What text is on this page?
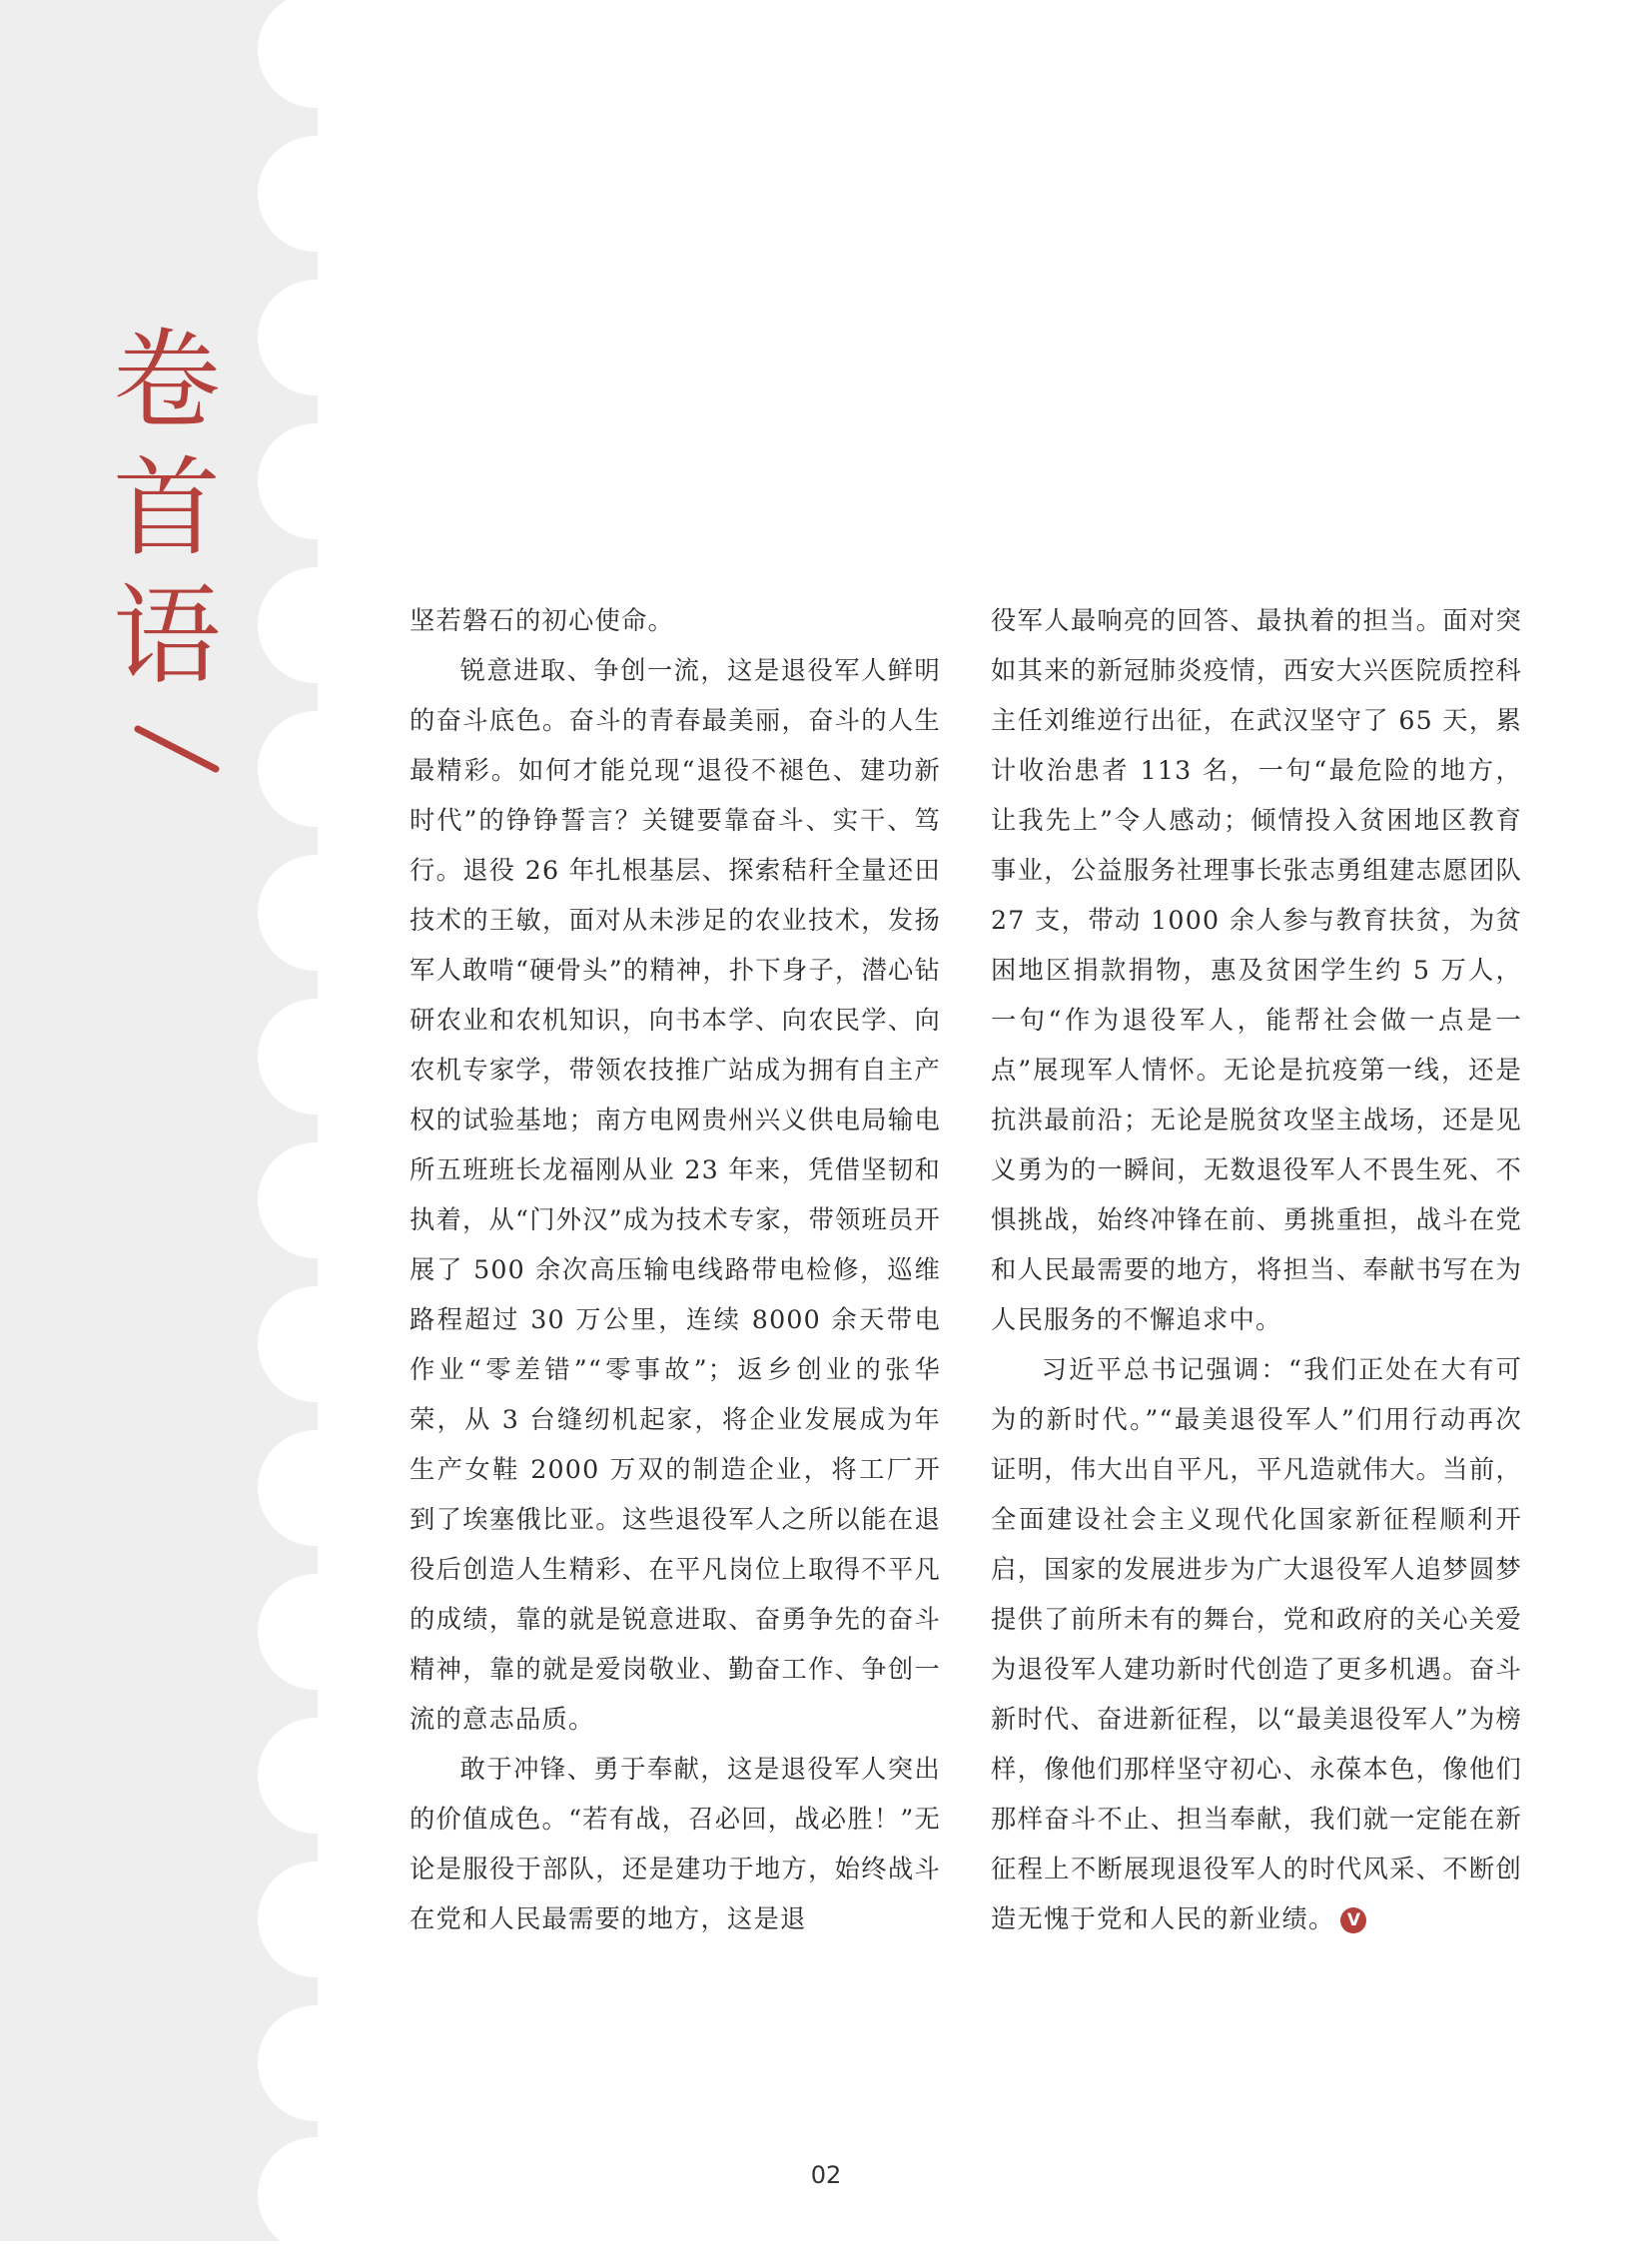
卷
首
语	坚若磐石的初心使命。

锐意进取、争创一流，这是退役军人鲜明的奋斗底色。奋斗的青春最美丽，奋斗的人生最精彩。如何才能兑现“退役不褪色、建功新时代”的铮铮誓言？关键要靠奋斗、实干、笃行。退役 26 年扎根基层、探索秸秆全量还田技术的王敏，面对从未涉足的农业技术，发扬军人敢啃“硬骨头”的精神，扑下身子，潜心钻研农业和农机知识，向书本学、向农民学、向农机专家学，带领农技推广站成为拥有自主产权的试验基地；南方电网贵州兴义供电局输电所五班班长龙福刚从业 23 年来，凭借坚韧和执着，从“门外汉”成为技术专家，带领班员开展了 500 余次高压输电线路带电检修，巡维路程超过 30 万公里，连续 8000 余天带电作业“零差错”“零事故”；返乡创业的张华荣，从 3 台缝纫机起家，将企业发展成为年生产女鞋 2000 万双的制造企业，将工厂开到了埃塞俄比亚。这些退役军人之所以能在退役后创造人生精彩、在平凡岗位上取得不平凡的成绩，靠的就是锐意进取、奋勇争先的奋斗精神，靠的就是爱岗敬业、勤奋工作、争创一流的意志品质。

敢于冲锋、勇于奉献，这是退役军人突出的价值成色。“若有战，召必回，战必胜！”无论是服役于部队，还是建功于地方，始终战斗在党和人民最需要的地方，这是退

役军人最响亮的回答、最执着的担当。面对突如其来的新冠肺炎疫情，西安大兴医院质控科主任刘维逆行出征，在武汉坚守了 65 天，累计收治患者 113 名，一句“最危险的地方，让我先上”令人感动；倾情投入贫困地区教育事业，公益服务社理事长张志勇组建志愿团队 27 支，带动 1000 余人参与教育扶贫，为贫困地区捐款捐物，惠及贫困学生约 5 万人，一句“作为退役军人，能帮社会做一点是一点”展现军人情怀。无论是抗疫第一线，还是抗洪最前沿；无论是脱贫攻坚主战场，还是见义勇为的一瞬间，无数退役军人不畏生死、不惧挑战，始终冲锋在前、勇挑重担，战斗在党和人民最需要的地方，将担当、奉献书写在为人民服务的不懈追求中。

习近平总书记强调：“我们正处在大有可为的新时代。”“最美退役军人”们用行动再次证明，伟大出自平凡，平凡造就伟大。当前，全面建设社会主义现代化国家新征程顺利开启，国家的发展进步为广大退役军人追梦圆梦提供了前所未有的舞台，党和政府的关心关爱为退役军人建功新时代创造了更多机遇。奋斗新时代、奋进新征程，以“最美退役军人”为榜样，像他们那样坚守初心、永葆本色，像他们那样奋斗不止、担当奉献，我们就一定能在新征程上不断展现退役军人的时代风采、不断创造无愧于党和人民的新业绩。 V

02
